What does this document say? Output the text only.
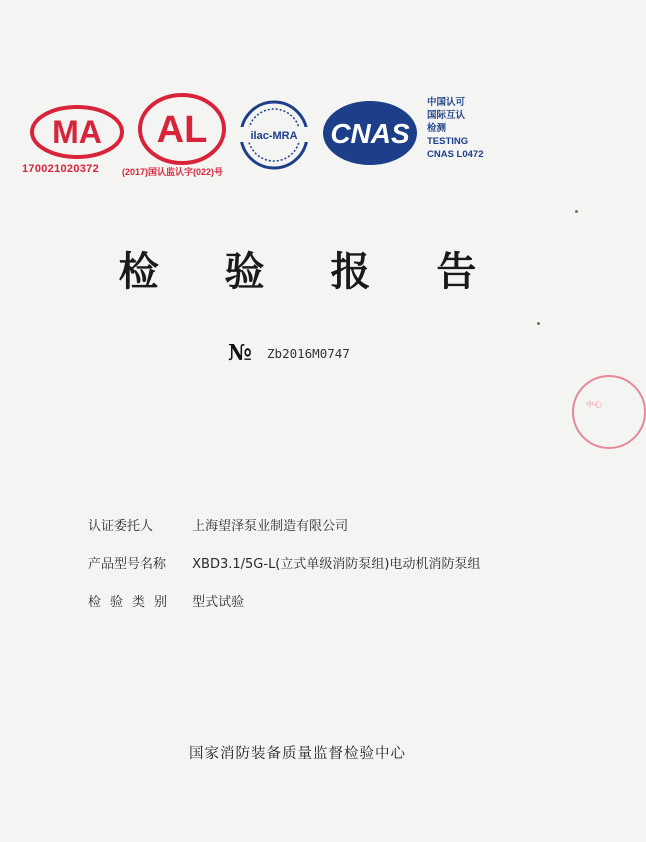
MA AL	ilac-MRA CNAS
170021020372	(2017)国认监认字(022)号
中国认可
国际互认
检测
TESTING
CNAS L0472
检 验 报 告
№ Zb2016M0747
认证委托人	上海望泽泵业制造有限公司
产品型号名称 XBD3.1/5G-L(立式单级消防泵组)电动机消防泵组
检验类别 型式试验
国家消防装备质量监督检验中心
中心
